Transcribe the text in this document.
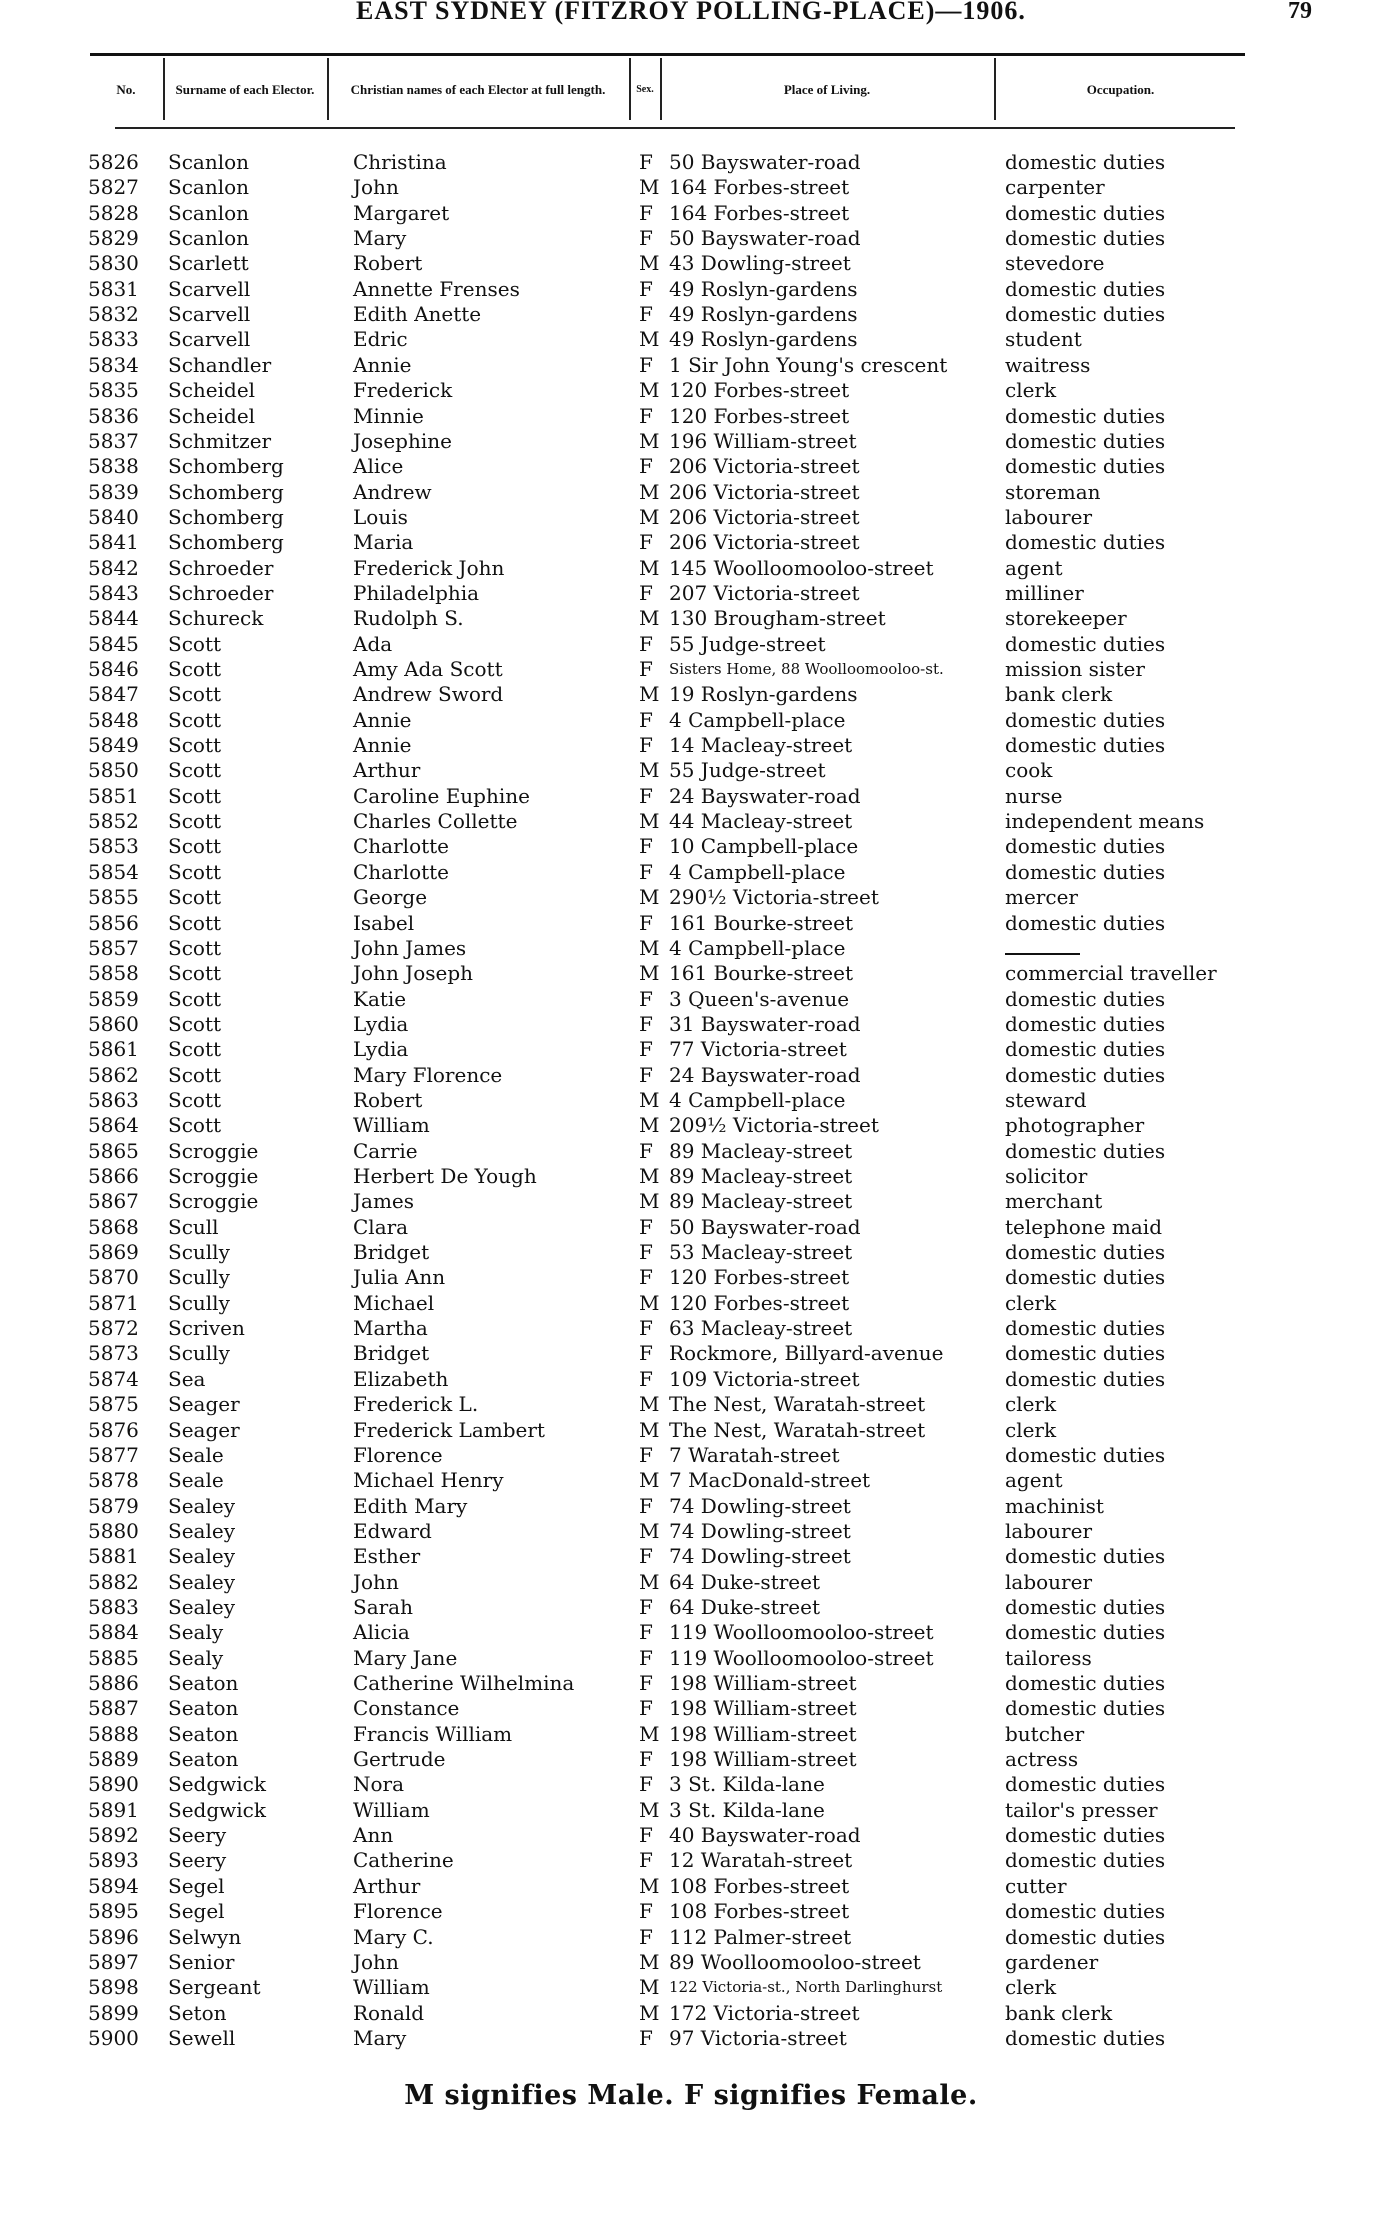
EAST SYDNEY (FITZROY POLLING-PLACE)—1906.	79
No.	Surname of each Elector.	Christian names of each Elector at full length.	Sex.	Place of Living.	Occupation.
5826 Scanlon	Christina	F 50 Bayswater-road	domestic duties
5827 Scanlon	John	M 164 Forbes-street	carpenter
5828 Scanlon	Margaret	F 164 Forbes-street	domestic duties
5829 Scanlon	Mary	F 50 Bayswater-road	domestic duties
5830 Scarlett	Robert	M 43 Dowling-street	stevedore
5831 Scarvell	Annette Frenses	F 49 Roslyn-gardens	domestic duties
5832 Scarvell	Edith Anette	F 49 Roslyn-gardens	domestic duties
5833 Scarvell	Edric	M 49 Roslyn-gardens	student
5834 Schandler	Annie	F 1 Sir John Young's crescent	waitress
5835 Scheidel	Frederick	M 120 Forbes-street	clerk
5836 Scheidel	Minnie	F 120 Forbes-street	domestic duties
5837 Schmitzer	Josephine	M 196 William-street	domestic duties
5838 Schomberg	Alice	F 206 Victoria-street	domestic duties
5839 Schomberg	Andrew	M 206 Victoria-street	storeman
5840 Schomberg	Louis	M 206 Victoria-street	labourer
5841 Schomberg	Maria	F 206 Victoria-street	domestic duties
5842 Schroeder	Frederick John	M 145 Woolloomooloo-street	agent
5843 Schroeder	Philadelphia	F 207 Victoria-street	milliner
5844 Schureck	Rudolph S.	M 130 Brougham-street	storekeeper
5845 Scott	Ada	F 55 Judge-street	domestic duties
5846 Scott	Amy Ada Scott	F Sisters Home, 88 Woolloomooloo-st.	mission sister
5847 Scott	Andrew Sword	M 19 Roslyn-gardens	bank clerk
5848 Scott	Annie	F 4 Campbell-place	domestic duties
5849 Scott	Annie	F 14 Macleay-street	domestic duties
5850 Scott	Arthur	M 55 Judge-street	cook
5851 Scott	Caroline Euphine	F 24 Bayswater-road	nurse
5852 Scott	Charles Collette	M 44 Macleay-street	independent means
5853 Scott	Charlotte	F 10 Campbell-place	domestic duties
5854 Scott	Charlotte	F 4 Campbell-place	domestic duties
5855 Scott	George	M 290½ Victoria-street	mercer
5856 Scott	Isabel	F 161 Bourke-street	domestic duties
5857 Scott	John James	M 4 Campbell-place
5858 Scott	John Joseph	M 161 Bourke-street	commercial traveller
5859 Scott	Katie	F 3 Queen's-avenue	domestic duties
5860 Scott	Lydia	F 31 Bayswater-road	domestic duties
5861 Scott	Lydia	F 77 Victoria-street	domestic duties
5862 Scott	Mary Florence	F 24 Bayswater-road	domestic duties
5863 Scott	Robert	M 4 Campbell-place	steward
5864 Scott	William	M 209½ Victoria-street	photographer
5865 Scroggie	Carrie	F 89 Macleay-street	domestic duties
5866 Scroggie	Herbert De Yough	M 89 Macleay-street	solicitor
5867 Scroggie	James	M 89 Macleay-street	merchant
5868 Scull	Clara	F 50 Bayswater-road	telephone maid
5869 Scully	Bridget	F 53 Macleay-street	domestic duties
5870 Scully	Julia Ann	F 120 Forbes-street	domestic duties
5871 Scully	Michael	M 120 Forbes-street	clerk
5872 Scriven	Martha	F 63 Macleay-street	domestic duties
5873 Scully	Bridget	F Rockmore, Billyard-avenue	domestic duties
5874 Sea	Elizabeth	F 109 Victoria-street	domestic duties
5875 Seager	Frederick L.	M The Nest, Waratah-street	clerk
5876 Seager	Frederick Lambert	M The Nest, Waratah-street	clerk
5877 Seale	Florence	F 7 Waratah-street	domestic duties
5878 Seale	Michael Henry	M 7 MacDonald-street	agent
5879 Sealey	Edith Mary	F 74 Dowling-street	machinist
5880 Sealey	Edward	M 74 Dowling-street	labourer
5881 Sealey	Esther	F 74 Dowling-street	domestic duties
5882 Sealey	John	M 64 Duke-street	labourer
5883 Sealey	Sarah	F 64 Duke-street	domestic duties
5884 Sealy	Alicia	F 119 Woolloomooloo-street	domestic duties
5885 Sealy	Mary Jane	F 119 Woolloomooloo-street	tailoress
5886 Seaton	Catherine Wilhelmina	F 198 William-street	domestic duties
5887 Seaton	Constance	F 198 William-street	domestic duties
5888 Seaton	Francis William	M 198 William-street	butcher
5889 Seaton	Gertrude	F 198 William-street	actress
5890 Sedgwick	Nora	F 3 St. Kilda-lane	domestic duties
5891 Sedgwick	William	M 3 St. Kilda-lane	tailor's presser
5892 Seery	Ann	F 40 Bayswater-road	domestic duties
5893 Seery	Catherine	F 12 Waratah-street	domestic duties
5894 Segel	Arthur	M 108 Forbes-street	cutter
5895 Segel	Florence	F 108 Forbes-street	domestic duties
5896 Selwyn	Mary C.	F 112 Palmer-street	domestic duties
5897 Senior	John	M 89 Woolloomooloo-street	gardener
5898 Sergeant	William	M 122 Victoria-st., North Darlinghurst	clerk
5899 Seton	Ronald	M 172 Victoria-street	bank clerk
5900 Sewell	Mary	F 97 Victoria-street	domestic duties
M signifies Male. F signifies Female.
